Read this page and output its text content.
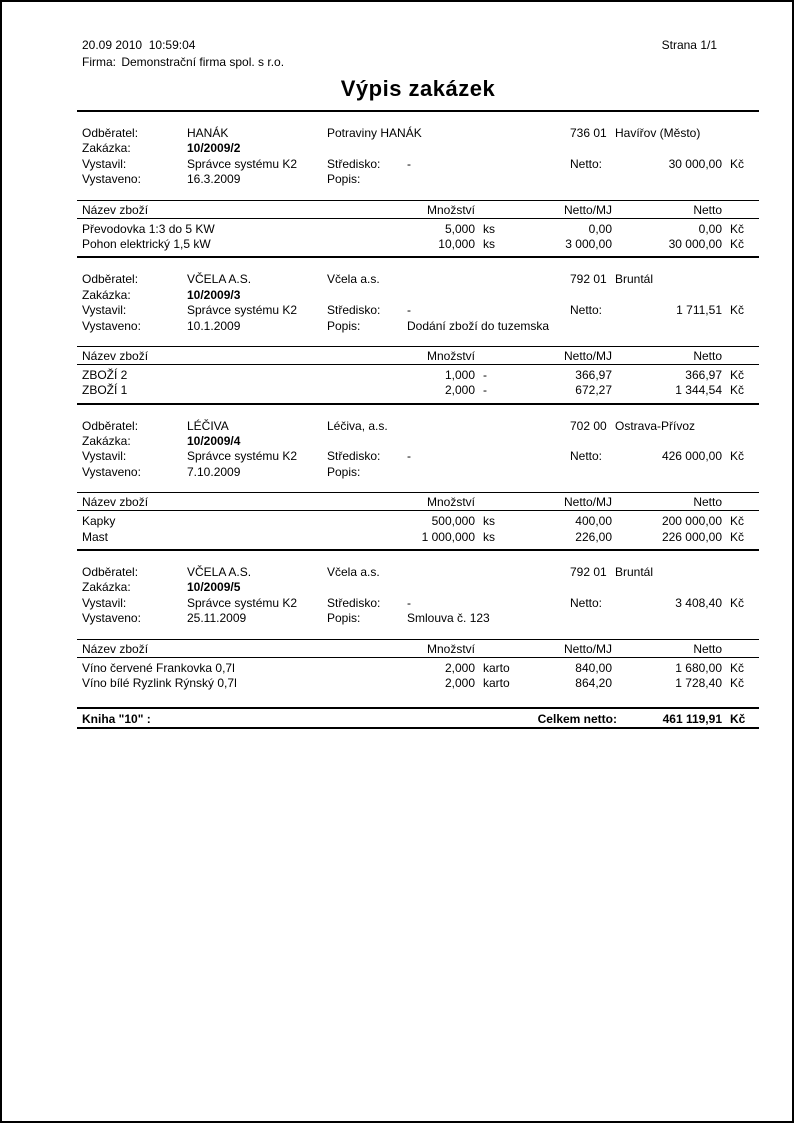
20.09 2010  10:59:04	Strana 1/1
Firma: Demonstrační firma spol. s r.o.
Výpis zakázek
Odběratel:	HANÁK	Potraviny HANÁK	736 01 Havířov (Město)
Zakázka:	10/2009/2
Vystavil:	Správce systému K2 Středisko: -	Netto:	30 000,00 Kč
Vystaveno:	16.3.2009	Popis:
Název zboží	Množství	Netto/MJ	Netto
Převodovka 1:3 do 5 KW	5,000 ks	0,00	0,00 Kč
Pohon elektrický 1,5 kW	10,000 ks	3 000,00	30 000,00 Kč
Odběratel:	VČELA A.S.	Včela a.s.	792 01 Bruntál
Zakázka:	10/2009/3
Vystavil:	Správce systému K2 Středisko: -	Netto:	1 711,51 Kč
Vystaveno:	10.1.2009	Popis:	Dodání zboží do tuzemska
Název zboží	Množství	Netto/MJ	Netto
ZBOŽÍ 2	1,000 -	366,97	366,97 Kč
ZBOŽÍ 1	2,000 -	672,27	1 344,54 Kč
Odběratel:	LÉČIVA	Léčiva, a.s.	702 00 Ostrava-Přívoz
Zakázka:	10/2009/4
Vystavil:	Správce systému K2 Středisko: -	Netto:	426 000,00 Kč
Vystaveno:	7.10.2009	Popis:
Název zboží	Množství	Netto/MJ	Netto
Kapky	500,000 ks	400,00	200 000,00 Kč
Mast	1 000,000 ks	226,00	226 000,00 Kč
Odběratel:	VČELA A.S.	Včela a.s.	792 01 Bruntál
Zakázka:	10/2009/5
Vystavil:	Správce systému K2 Středisko: -	Netto:	3 408,40 Kč
Vystaveno:	25.11.2009	Popis:	Smlouva č. 123
Název zboží	Množství	Netto/MJ	Netto
Víno červené Frankovka 0,7l	2,000 karto	840,00	1 680,00 Kč
Víno bílé Ryzlink Rýnský 0,7l	2,000 karto	864,20	1 728,40 Kč
Kniha "10" :	Celkem netto:	461 119,91 Kč
